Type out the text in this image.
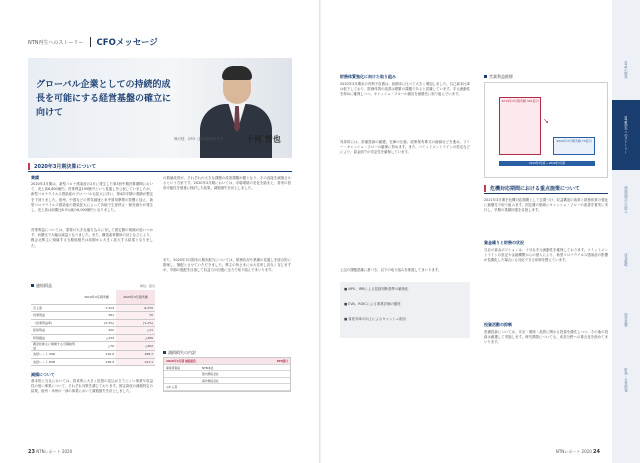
NTN再生へのストーリー CFOメッセージ
グローバル企業としての持続的成長を可能にする経営基盤の確立に向けて
執行役　CFO（最高財務責任者） 十河 哲也
2020年3月期決算について
業績
2020年3月期は、新型コロナ感染症の2月に発生した第3回中期決算期間において、売上高6,800億円、営業利益190億円という見通しを公表していましたが、新型コロナウイルス感染症のグローバルな拡大に伴い、第4四半期の業績が想定を下回りました。欧州、中国などの景気減速と米中貿易摩擦の影響に加え、新型コロナウイルス感染症の感染拡大によって各地で生産停止・販売減少が発生し、売上高は前期比8.3％減の6,000億円となりました。
営業利益については、需要の大きな落ち込みに対して固定費の削減が追いつかず、前期比で大幅な減益となりました。また、構造改革費用の計上などにより、親会社株主に帰属する当期純損失は前期から大きく拡大する結果となりました。
連結損益	単位：億円
	2019年3月期実績	2020年3月期実績
売上高	7,314	6,270
営業利益	391	70
（営業利益率）	(5.3%)	(1.1%)
経常利益	322	△11
特別損益	△134	△395
親会社株主に帰属する当期純利益	△76	△402
為替レート USD	110.9	108.7
為替レート EUR	128.4	121.1
減損について
基本的に当社においては、将来的に大きく拡張の見込が立てにくい事業や収益性の低い事業について、それぞれ対策を講じております。固定資産の減損判定の結果、欧州・米州の一部の事業において減損損失を計上しました。
の数値改善が、それぞれの大きな課題の改善課題が鍵となり、その直接を減損させるという方針です。2020年3月期においては、市場環境の変化を踏まえ、将来の回収可能性を慎重に検討した結果、減損損失を計上しました。
また、2020年3月期末の期末配当については、財務状況や業績の見通しを総合的に勘案し、無配とさせていただきました。株主の皆さまには大変申し訳なく存じますが、早期の復配を目指して収益力の回復に全力で取り組んでまいります。
減損損失の内訳
2020年3月期 減損損失	395億円
事業用資産	NTN本社
国内関係会社
海外関係会社
のれん等
23 NTNレポート 2020
財務体質強化に向けた取り組み
2020年3月期末の有利子負債は、前期末に比べて大きく増加しました。自己資本比率は低下しており、財務体質の改善は喫緊の課題であると認識しています。手元流動性を厚めに確保しつつ、キャッシュ・フローの創出を最優先に取り組んでいます。
具体的には、設備投資の厳選、在庫の圧縮、政策保有株式の縮減などを進め、フリー・キャッシュ・フローの確保に努めます。また、コミットメントラインの設定などにより、資金面での安定性を確保しています。
上記の課題認識に基づき、以下の取り組みを推進してまいります。
■ NPV、IRRによる投資判断基準の厳格化
■ EVA、ROICによる事業評価の徹底
■ 資産効率の向上によるキャッシュ創出
営業利益推移
2019年3月期実績 391億円
2020年3月期実績 70億円
↘
2019年3月期 → 2020年3月期
危機対応期間における重点施策について
2021年3月期を危機対応期間として位置づけ、収益構造の改革と財務体質の強化に最優先で取り組みます。固定費の削減とキャッシュ・フローの改善を着実に実行し、早期の業績回復を目指します。
資金繰りと財務の状況
当社の資金ポジションは、十分な手元流動性を確保しております。コミットメントラインの設定や金融機関からの借入により、新型コロナウイルス感染症の影響が長期化した場合にも対応できる体制を整えています。
投資活動の抑制
設備投資については、安全・環境・品質に関わる投資を優先しつつ、その他の投資は厳選して実施します。研究開発についても、成長分野への重点化を進めてまいります。
NTNレポート 2020 24
NTNの概要
NTN再生へのストーリー
価値創造の仕組み
成長戦略
経営基盤
財務・企業情報
